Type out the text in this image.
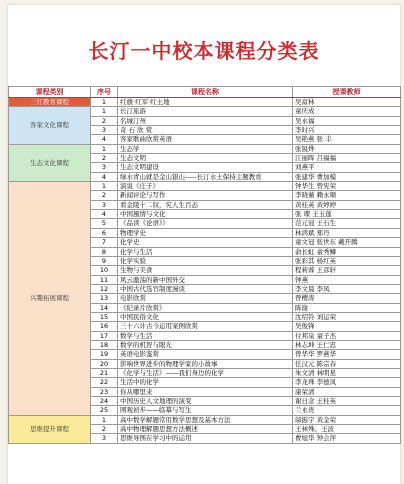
长汀一中校本课程分类表
课程类别	序号	课程名称	授课教师
三红教育课程	1	红旗·红军·红土地	吴富林
客家文化课程	1	长汀旅游	童庆成
	2	名城汀州	吴永福
	3	奇 石 欣 赏	李时兴
	4	客家歌曲欣赏英语	吴艳燕 张 丰
生态文化课程	1	生态学	张锐烨
	2	生态文明	江丽晖 吕福福
	3	生态文明建设	刘燕平
	4	绿水青山就是金山银山-----长汀水土保持主题教育	张建华 曹加模
兴趣拓展课程	1	演说《庄子》	钟华生 曾宪荣
	2	新闻评论与写作	李晓薇 赖永顺
	3	看金陵十二钗，究人生百态	黄桂英 黄婷婷
	4	中国風情与文化	张 璨 王玉莲
	5	《品读《论语》》	范元冠 王石生
	6	物理学史	林鸿斌 郑丹
	7	化学史	童文冠 张世东 戴开腾
	8	化学与生活	俞长虹 童秀鳞
	9	化学实验	张彩其 杨红英
	10	生物与美食	程莉蓉 王彦轩
	11	风云激荡的新中国外交	钟燕
	12	中国古代选官制度漫谈	李文晨 李凤
	13	电影欣赏	曾樱涛
	14	《纪录片欣赏》	陈谢
	15	中国民俗文化	沈绍铃 刘运荣
	16	三十六计古今运用案例欣赏	吴俊锋
	17	数学与生活	付邦泉 童子杰
	18	数学的机智与眼光	林志坤 王仁忠
	19	英语电影鉴赏	曾华华 罗燕华
	20	影响世界进步的物理学家的小故事	任汉元 陈宗春
	21	《化学与生活》——我们身边的化学	朱文清 林明星
	22	生活中的化学	李龙珠 李德凤
	23	你从哪里来	康荣清
	24	中国历史人文地理的演变	谢日念 王桂英
	25	围观初步——临摹与写生	兰永贵
思维提升课程	1	高中数学解题常用数学思想及基本方法	邬振宇 黄金荣
	2	高中物理解题思想方法概述	王林殊、王波
	3	思维导图在学习中的运用	曹旭华 钟会萍
